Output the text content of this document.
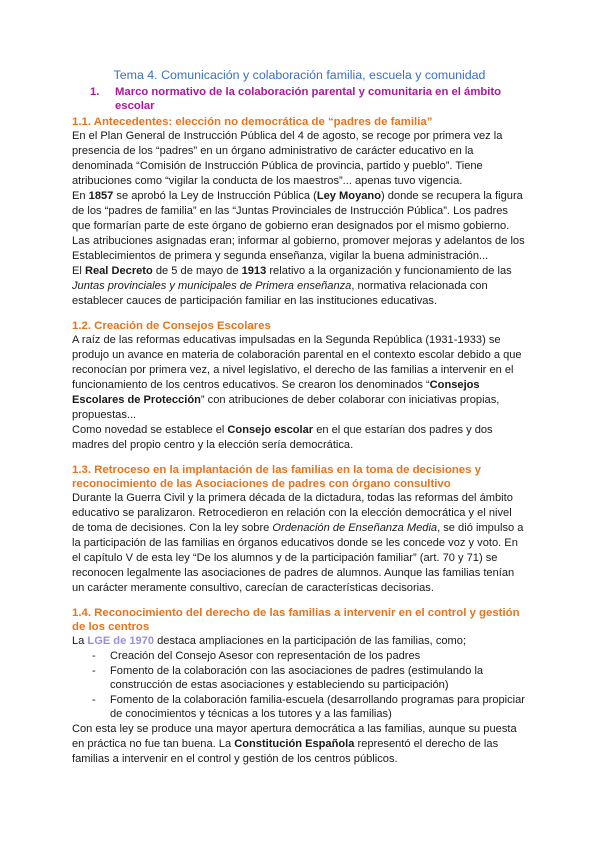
Tema 4. Comunicación y colaboración familia, escuela y comunidad

1.	Marco normativo de la colaboración parental y comunitaria en el ámbito escolar

1.1. Antecedentes: elección no democrática de “padres de familia”

En el Plan General de Instrucción Pública del 4 de agosto, se recoge por primera vez la presencia de los “padres” en un órgano administrativo de carácter educativo en la denominada “Comisión de Instrucción Pública de provincia, partido y pueblo”. Tiene atribuciones como “vigilar la conducta de los maestros”... apenas tuvo vigencia.

En 1857 se aprobó la Ley de Instrucción Pública (Ley Moyano) donde se recupera la figura de los “padres de familia” en las “Juntas Provinciales de Instrucción Pública”. Los padres que formarían parte de este órgano de gobierno eran designados por el mismo gobierno. Las atribuciones asignadas eran; informar al gobierno, promover mejoras y adelantos de los Establecimientos de primera y segunda enseñanza, vigilar la buena administración...

El Real Decreto de 5 de mayo de 1913 relativo a la organización y funcionamiento de las Juntas provinciales y municipales de Primera enseñanza, normativa relacionada con establecer cauces de participación familiar en las instituciones educativas.

1.2. Creación de Consejos Escolares

A raíz de las reformas educativas impulsadas en la Segunda República (1931-1933) se produjo un avance en materia de colaboración parental en el contexto escolar debido a que reconocían por primera vez, a nivel legislativo, el derecho de las familias a intervenir en el funcionamiento de los centros educativos. Se crearon los denominados “Consejos Escolares de Protección” con atribuciones de deber colaborar con iniciativas propias, propuestas...

Como novedad se establece el Consejo escolar en el que estarían dos padres y dos madres del propio centro y la elección sería democrática.

1.3. Retroceso en la implantación de las familias en la toma de decisiones y reconocimiento de las Asociaciones de padres con órgano consultivo

Durante la Guerra Civil y la primera década de la dictadura, todas las reformas del ámbito educativo se paralizaron. Retrocedieron en relación con la elección democrática y el nivel de toma de decisiones. Con la ley sobre Ordenación de Enseñanza Media, se dió impulso a la participación de las familias en órganos educativos donde se les concede voz y voto. En el capítulo V de esta ley “De los alumnos y de la participación familiar” (art. 70 y 71) se reconocen legalmente las asociaciones de padres de alumnos. Aunque las familias tenían un carácter meramente consultivo, carecían de características decisorias.

1.4. Reconocimiento del derecho de las familias a intervenir en el control y gestión de los centros

La LGE de 1970 destaca ampliaciones en la participación de las familias, como;

- Creación del Consejo Asesor con representación de los padres
- Fomento de la colaboración con las asociaciones de padres (estimulando la construcción de estas asociaciones y estableciendo su participación)
- Fomento de la colaboración familia-escuela (desarrollando programas para propiciar de conocimientos y técnicas a los tutores y a las familias)

Con esta ley se produce una mayor apertura democrática a las familias, aunque su puesta en práctica no fue tan buena. La Constitución Española representó el derecho de las familias a intervenir en el control y gestión de los centros públicos.
